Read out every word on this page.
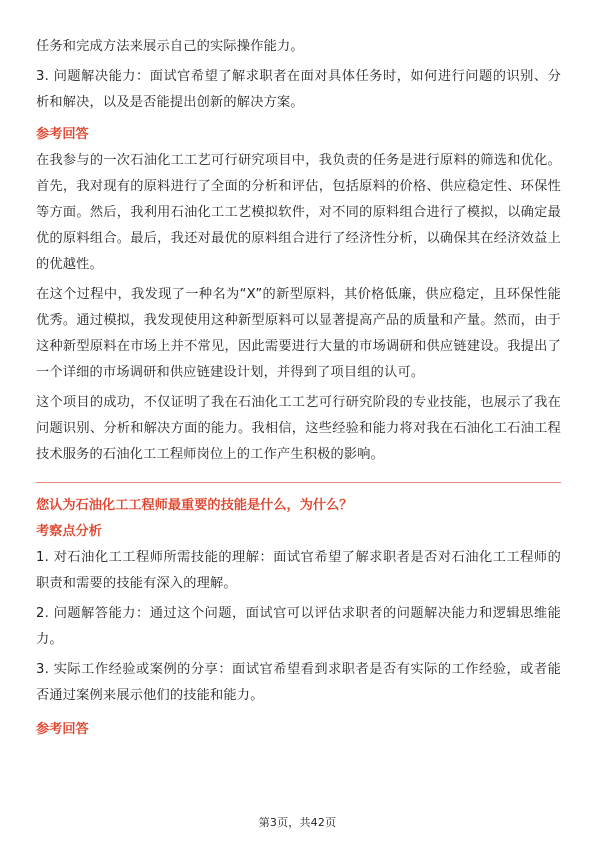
任务和完成方法来展示自己的实际操作能力。

3. 问题解决能力：面试官希望了解求职者在面对具体任务时，如何进行问题的识别、分析和解决，以及是否能提出创新的解决方案。

参考回答

在我参与的一次石油化工工艺可行研究项目中，我负责的任务是进行原料的筛选和优化。首先，我对现有的原料进行了全面的分析和评估，包括原料的价格、供应稳定性、环保性等方面。然后，我利用石油化工工艺模拟软件，对不同的原料组合进行了模拟，以确定最优的原料组合。最后，我还对最优的原料组合进行了经济性分析，以确保其在经济效益上的优越性。

在这个过程中，我发现了一种名为“X”的新型原料，其价格低廉，供应稳定，且环保性能优秀。通过模拟，我发现使用这种新型原料可以显著提高产品的质量和产量。然而，由于这种新型原料在市场上并不常见，因此需要进行大量的市场调研和供应链建设。我提出了一个详细的市场调研和供应链建设计划，并得到了项目组的认可。

这个项目的成功，不仅证明了我在石油化工工艺可行研究阶段的专业技能，也展示了我在问题识别、分析和解决方面的能力。我相信，这些经验和能力将对我在石油化工石油工程技术服务的石油化工工程师岗位上的工作产生积极的影响。

您认为石油化工工程师最重要的技能是什么，为什么？

考察点分析

1. 对石油化工工程师所需技能的理解：面试官希望了解求职者是否对石油化工工程师的职责和需要的技能有深入的理解。

2. 问题解答能力：通过这个问题，面试官可以评估求职者的问题解决能力和逻辑思维能力。

3. 实际工作经验或案例的分享：面试官希望看到求职者是否有实际的工作经验，或者能否通过案例来展示他们的技能和能力。

参考回答

第3页，共42页
